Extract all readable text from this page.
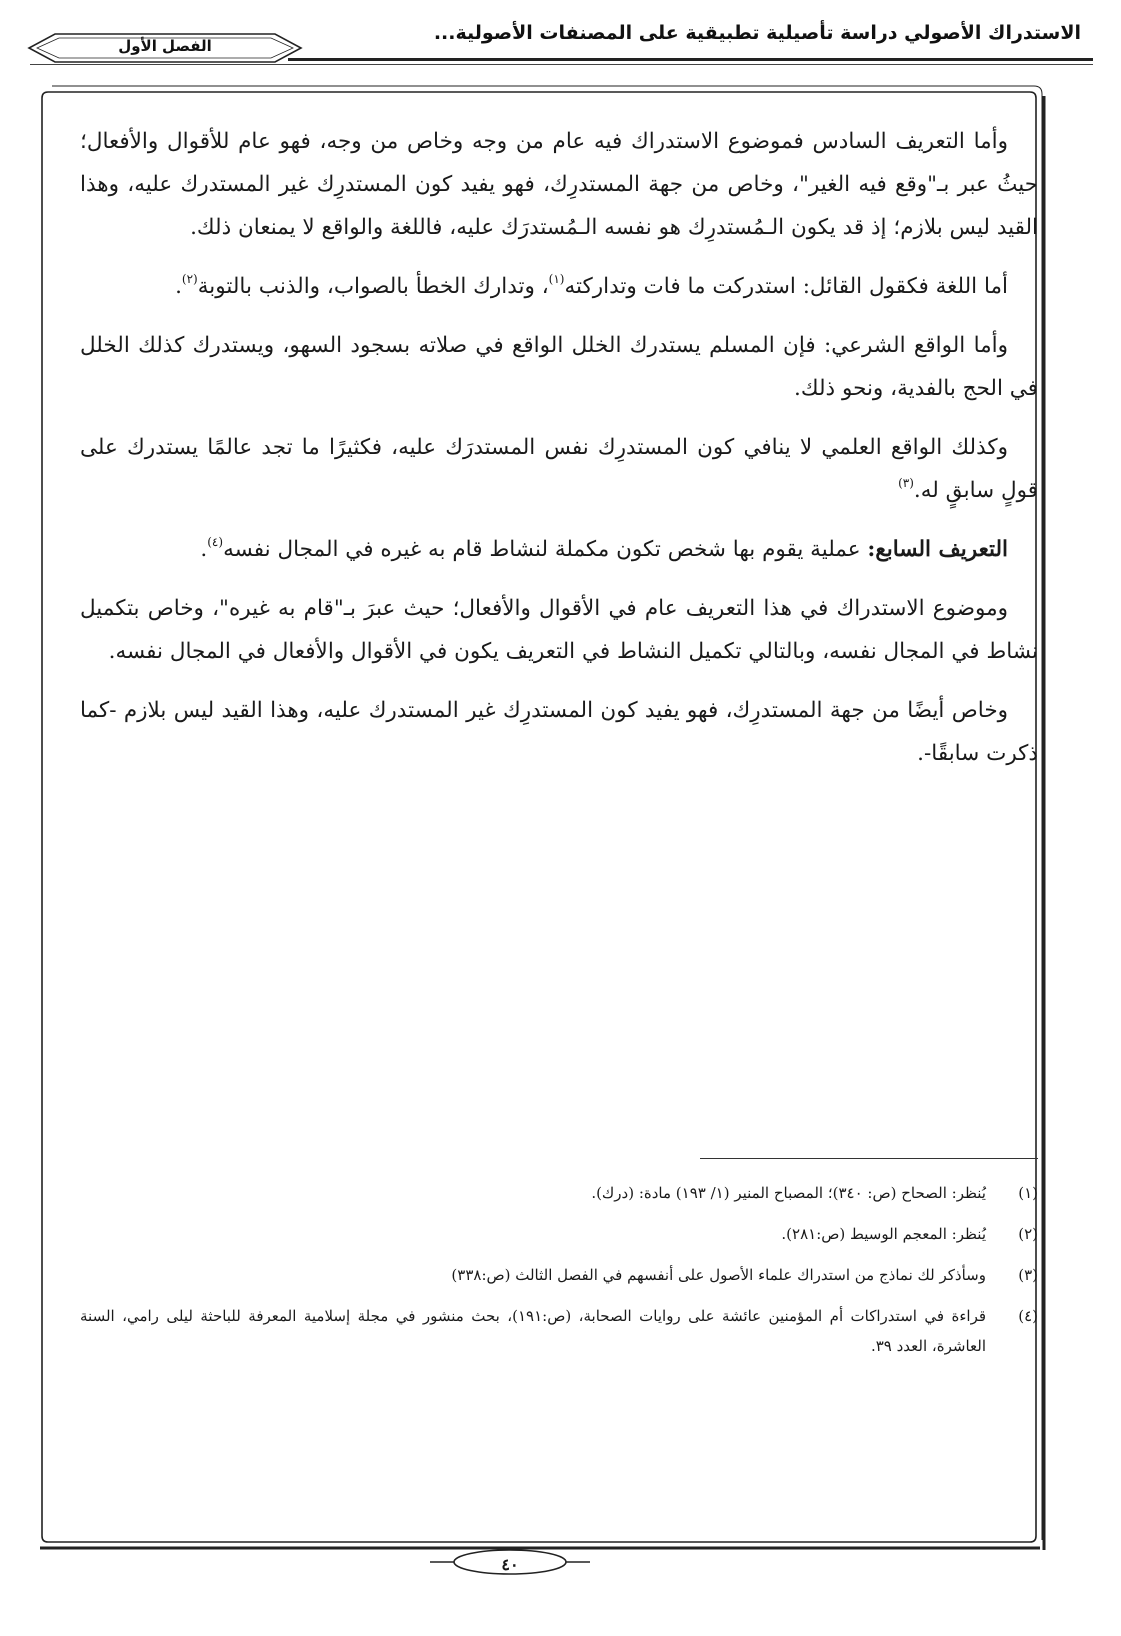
الاستدراك الأصولي دراسة تأصيلية تطبيقية على المصنفات الأصولية...
الفصل الأول

وأما التعريف السادس فموضوع الاستدراك فيه عام من وجه وخاص من وجه، فهو عام للأقوال والأفعال؛ حيثُ عبر بـ"وقع فيه الغير"، وخاص من جهة المستدرِك، فهو يفيد كون المستدرِك غير المستدرك عليه، وهذا القيد ليس بلازم؛ إذ قد يكون الـمُستدرِك هو نفسه الـمُستدرَك عليه، فاللغة والواقع لا يمنعان ذلك.

أما اللغة فكقول القائل: استدركت ما فات وتداركته$^{(١)}$، وتدارك الخطأ بالصواب، والذنب بالتوبة$^{(٢)}$.

وأما الواقع الشرعي: فإن المسلم يستدرك الخلل الواقع في صلاته بسجود السهو، ويستدرك كذلك الخلل في الحج بالفدية، ونحو ذلك.

وكذلك الواقع العلمي لا ينافي كون المستدرِك نفس المستدرَك عليه، فكثيرًا ما تجد عالمًا يستدرك على قولٍ سابقٍ له.$^{(٣)}$

التعريف السابع: عملية يقوم بها شخص تكون مكملة لنشاط قام به غيره في المجال نفسه$^{(٤)}$.

وموضوع الاستدراك في هذا التعريف عام في الأقوال والأفعال؛ حيث عبرَ بـ"قام به غيره"، وخاص بتكميل نشاط في المجال نفسه، وبالتالي تكميل النشاط في التعريف يكون في الأقوال والأفعال في المجال نفسه.

وخاص أيضًا من جهة المستدرِك، فهو يفيد كون المستدرِك غير المستدرك عليه، وهذا القيد ليس بلازم -كما ذكرت سابقًا-.

(١)
يُنظر: الصحاح (ص: ٣٤٠)؛ المصباح المنير (١/ ١٩٣) مادة: (درك).
(٢)
يُنظر: المعجم الوسيط (ص:٢٨١).
(٣)
وسأذكر لك نماذج من استدراك علماء الأصول على أنفسهم في الفصل الثالث (ص:٣٣٨)
(٤)
قراءة في استدراكات أم المؤمنين عائشة على روايات الصحابة، (ص:١٩١)، بحث منشور في مجلة إسلامية المعرفة للباحثة ليلى رامي، السنة العاشرة، العدد ٣٩.
٤٠
